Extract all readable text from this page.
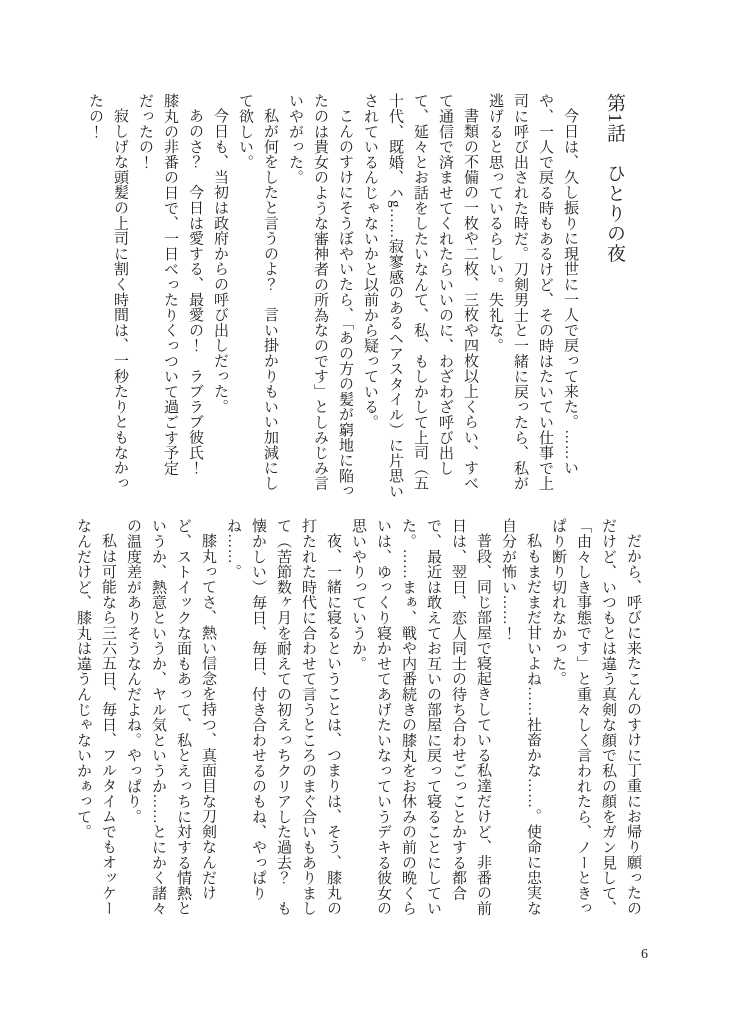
第1話　ひとりの夜

今日は、久し振りに現世に一人で戻って来た。……いや、一人で戻る時もあるけど、その時はたいてい仕事で上司に呼び出された時だ。刀剣男士と一緒に戻ったら、私が逃げると思っているらしい。失礼な。

書類の不備の一枚や二枚、三枚や四枚以上くらい、すべて通信で済ませてくれたらいいのに、わざわざ呼び出して、延々とお話をしたいなんて、私、もしかして上司（五十代、既婚、ハg……寂寥感のあるヘアスタイル）に片思いされているんじゃないかと以前から疑っている。

こんのすけにそうぼやいたら、「あの方の髪が窮地に陥ったのは貴女のような審神者の所為なのです」としみじみ言いやがった。

私が何をしたと言うのよ？　言い掛かりもいい加減にして欲しい。

今日も、当初は政府からの呼び出しだった。

あのさ？　今日は愛する、最愛の！　ラブラブ彼氏！　膝丸の非番の日で、一日べったりくっついて過ごす予定だったの！

寂しげな頭髪の上司に割く時間は、一秒たりともなかったの！

だから、呼びに来たこんのすけに丁重にお帰り願ったのだけど、いつもとは違う真剣な顔で私の顔をガン見して、「由々しき事態です」と重々しく言われたら、ノーときっぱり断り切れなかった。

私もまだまだ甘いよね……社畜かな……。使命に忠実な自分が怖い……！

普段、同じ部屋で寝起きしている私達だけど、非番の前日は、翌日、恋人同士の待ち合わせごっことかする都合で、最近は敢えてお互いの部屋に戻って寝ることにしていた。……まぁ、戦や内番続きの膝丸をお休みの前の晩くらいは、ゆっくり寝かせてあげたいなっていうデキる彼女の思いやりっていうか。

夜、一緒に寝るということは、つまりは、そう、膝丸の打たれた時代に合わせて言うところのまぐ合いもありまして（苦節数ヶ月を耐えての初えっちクリアした過去？　も懐かしい）毎日、毎日、付き合わせるのもね、やっぱりね……。

膝丸ってさ、熱い信念を持つ、真面目な刀剣なんだけど、ストイックな面もあって、私とえっちに対する情熱というか、熱意というか、ヤル気というか……とにかく諸々の温度差がありそうなんだよね。やっぱり。

私は可能なら三六五日、毎日、フルタイムでもオッケーなんだけど、膝丸は違うんじゃないかぁって。

6
